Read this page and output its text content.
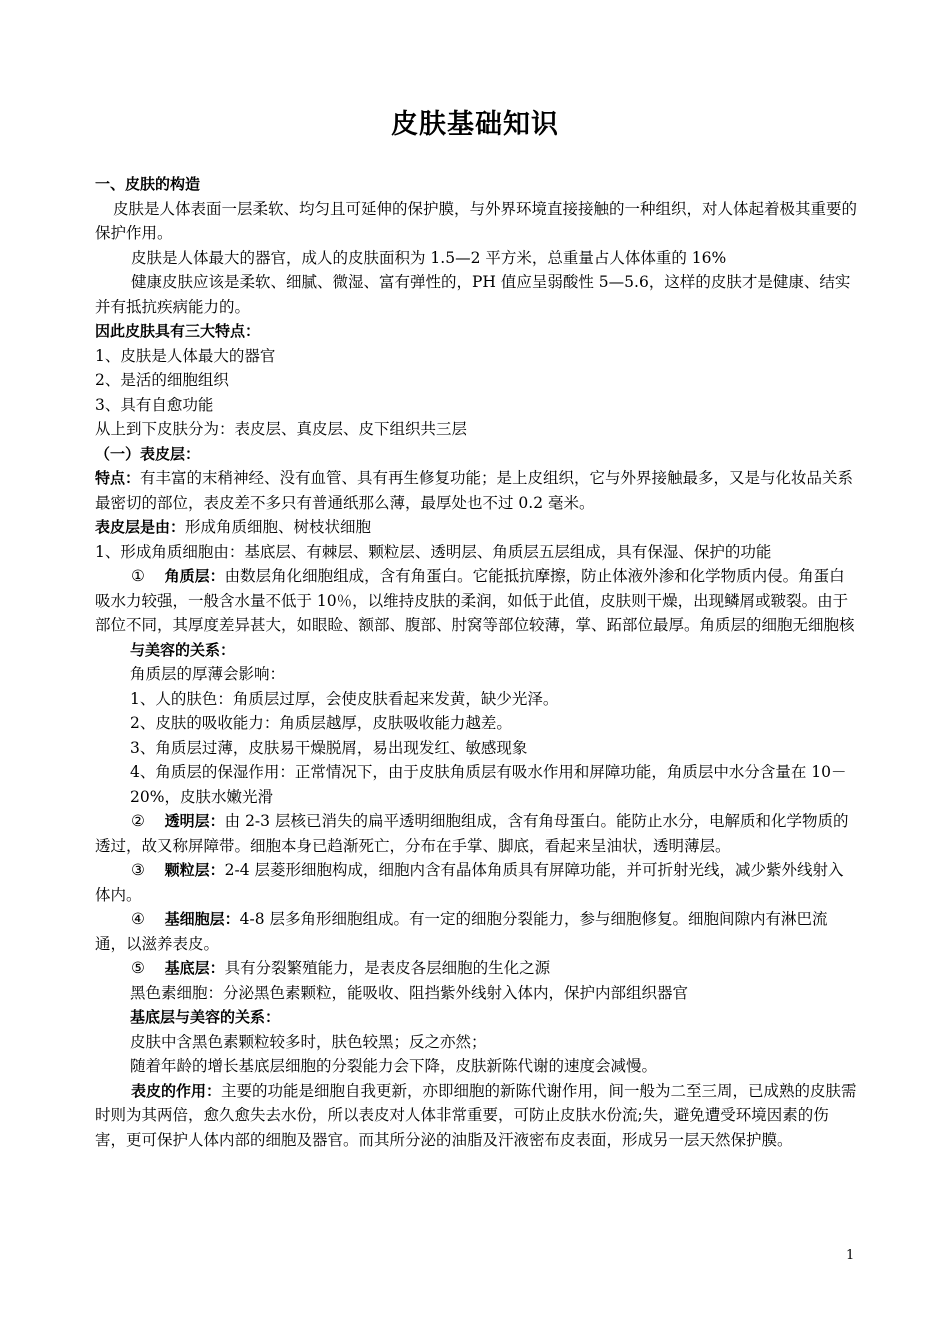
皮肤基础知识

一、皮肤的构造

皮肤是人体表面一层柔软、均匀且可延伸的保护膜，与外界环境直接接触的一种组织，对人体起着极其重要的保护作用。

皮肤是人体最大的器官，成人的皮肤面积为 1.5—2 平方米，总重量占人体体重的 16%

健康皮肤应该是柔软、细腻、微湿、富有弹性的，PH 值应呈弱酸性 5—5.6，这样的皮肤才是健康、结实并有抵抗疾病能力的。

因此皮肤具有三大特点：

1、皮肤是人体最大的器官

2、是活的细胞组织

3、具有自愈功能

从上到下皮肤分为：表皮层、真皮层、皮下组织共三层

（一）表皮层：

特点：有丰富的末稍神经、没有血管、具有再生修复功能；是上皮组织，它与外界接触最多，又是与化妆品关系最密切的部位，表皮差不多只有普通纸那么薄，最厚处也不过 0.2 毫米。

表皮层是由：形成角质细胞、树枝状细胞

1、形成角质细胞由：基底层、有棘层、颗粒层、透明层、角质层五层组成，具有保湿、保护的功能

① 角质层：由数层角化细胞组成，含有角蛋白。它能抵抗摩擦，防止体液外渗和化学物质内侵。角蛋白吸水力较强，一般含水量不低于 10％，以维持皮肤的柔润，如低于此值，皮肤则干燥，出现鳞屑或皲裂。由于部位不同，其厚度差异甚大，如眼睑、额部、腹部、肘窝等部位较薄，掌、跖部位最厚。角质层的细胞无细胞核

与美容的关系：

角质层的厚薄会影响：

1、人的肤色：角质层过厚，会使皮肤看起来发黄，缺少光泽。

2、皮肤的吸收能力：角质层越厚，皮肤吸收能力越差。

3、角质层过薄，皮肤易干燥脱屑，易出现发红、敏感现象

4、角质层的保湿作用：正常情况下，由于皮肤角质层有吸水作用和屏障功能，角质层中水分含量在 10－20%，皮肤水嫩光滑

② 透明层：由 2-3 层核已消失的扁平透明细胞组成，含有角母蛋白。能防止水分，电解质和化学物质的透过，故又称屏障带。细胞本身已趋渐死亡，分布在手掌、脚底，看起来呈油状，透明薄层。

③ 颗粒层：2-4 层菱形细胞构成，细胞内含有晶体角质具有屏障功能，并可折射光线，减少紫外线射入体内。

④ 基细胞层：4-8 层多角形细胞组成。有一定的细胞分裂能力，参与细胞修复。细胞间隙内有淋巴流通，以滋养表皮。

⑤ 基底层：具有分裂繁殖能力，是表皮各层细胞的生化之源

黑色素细胞：分泌黑色素颗粒，能吸收、阻挡紫外线射入体内，保护内部组织器官

基底层与美容的关系：

皮肤中含黑色素颗粒较多时，肤色较黑；反之亦然；

随着年龄的增长基底层细胞的分裂能力会下降，皮肤新陈代谢的速度会减慢。

表皮的作用：主要的功能是细胞自我更新，亦即细胞的新陈代谢作用，间一般为二至三周，已成熟的皮肤需时则为其两倍，愈久愈失去水份，所以表皮对人体非常重要，可防止皮肤水份流;失，避免遭受环境因素的伤害，更可保护人体内部的细胞及器官。而其所分泌的油脂及汗液密布皮表面，形成另一层天然保护膜。

1
